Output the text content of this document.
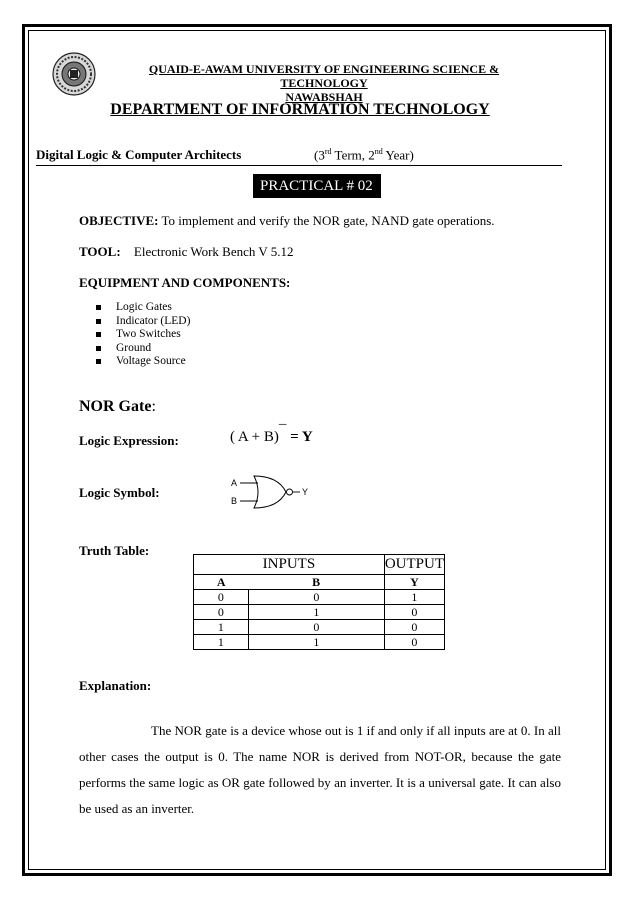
QUAID-E-AWAM UNIVERSITY OF ENGINEERING SCIENCE & TECHNOLOGY
NAWABSHAH
DEPARTMENT OF INFORMATION TECHNOLOGY
Digital Logic & Computer Architects	(3rd Term, 2nd Year)
PRACTICAL # 02
OBJECTIVE: To implement and verify the NOR gate, NAND gate operations.
TOOL: Electronic Work Bench V 5.12
EQUIPMENT AND COMPONENTS:
Logic Gates
Indicator (LED)
Two Switches
Ground
Voltage Source
NOR Gate:
Logic Expression:	( A + B)¯ = Y
Logic Symbol:
A
B
Y
Truth Table:
INPUTS		OUTPUT
A	B	Y
0	0	1
0	1	0
1	0	0
1	1	0
Explanation:
The NOR gate is a device whose out is 1 if and only if all inputs are at 0. In all other cases the output is 0. The name NOR is derived from NOT-OR, because the gate performs the same logic as OR gate followed by an inverter. It is a universal gate. It can also be used as an inverter.
